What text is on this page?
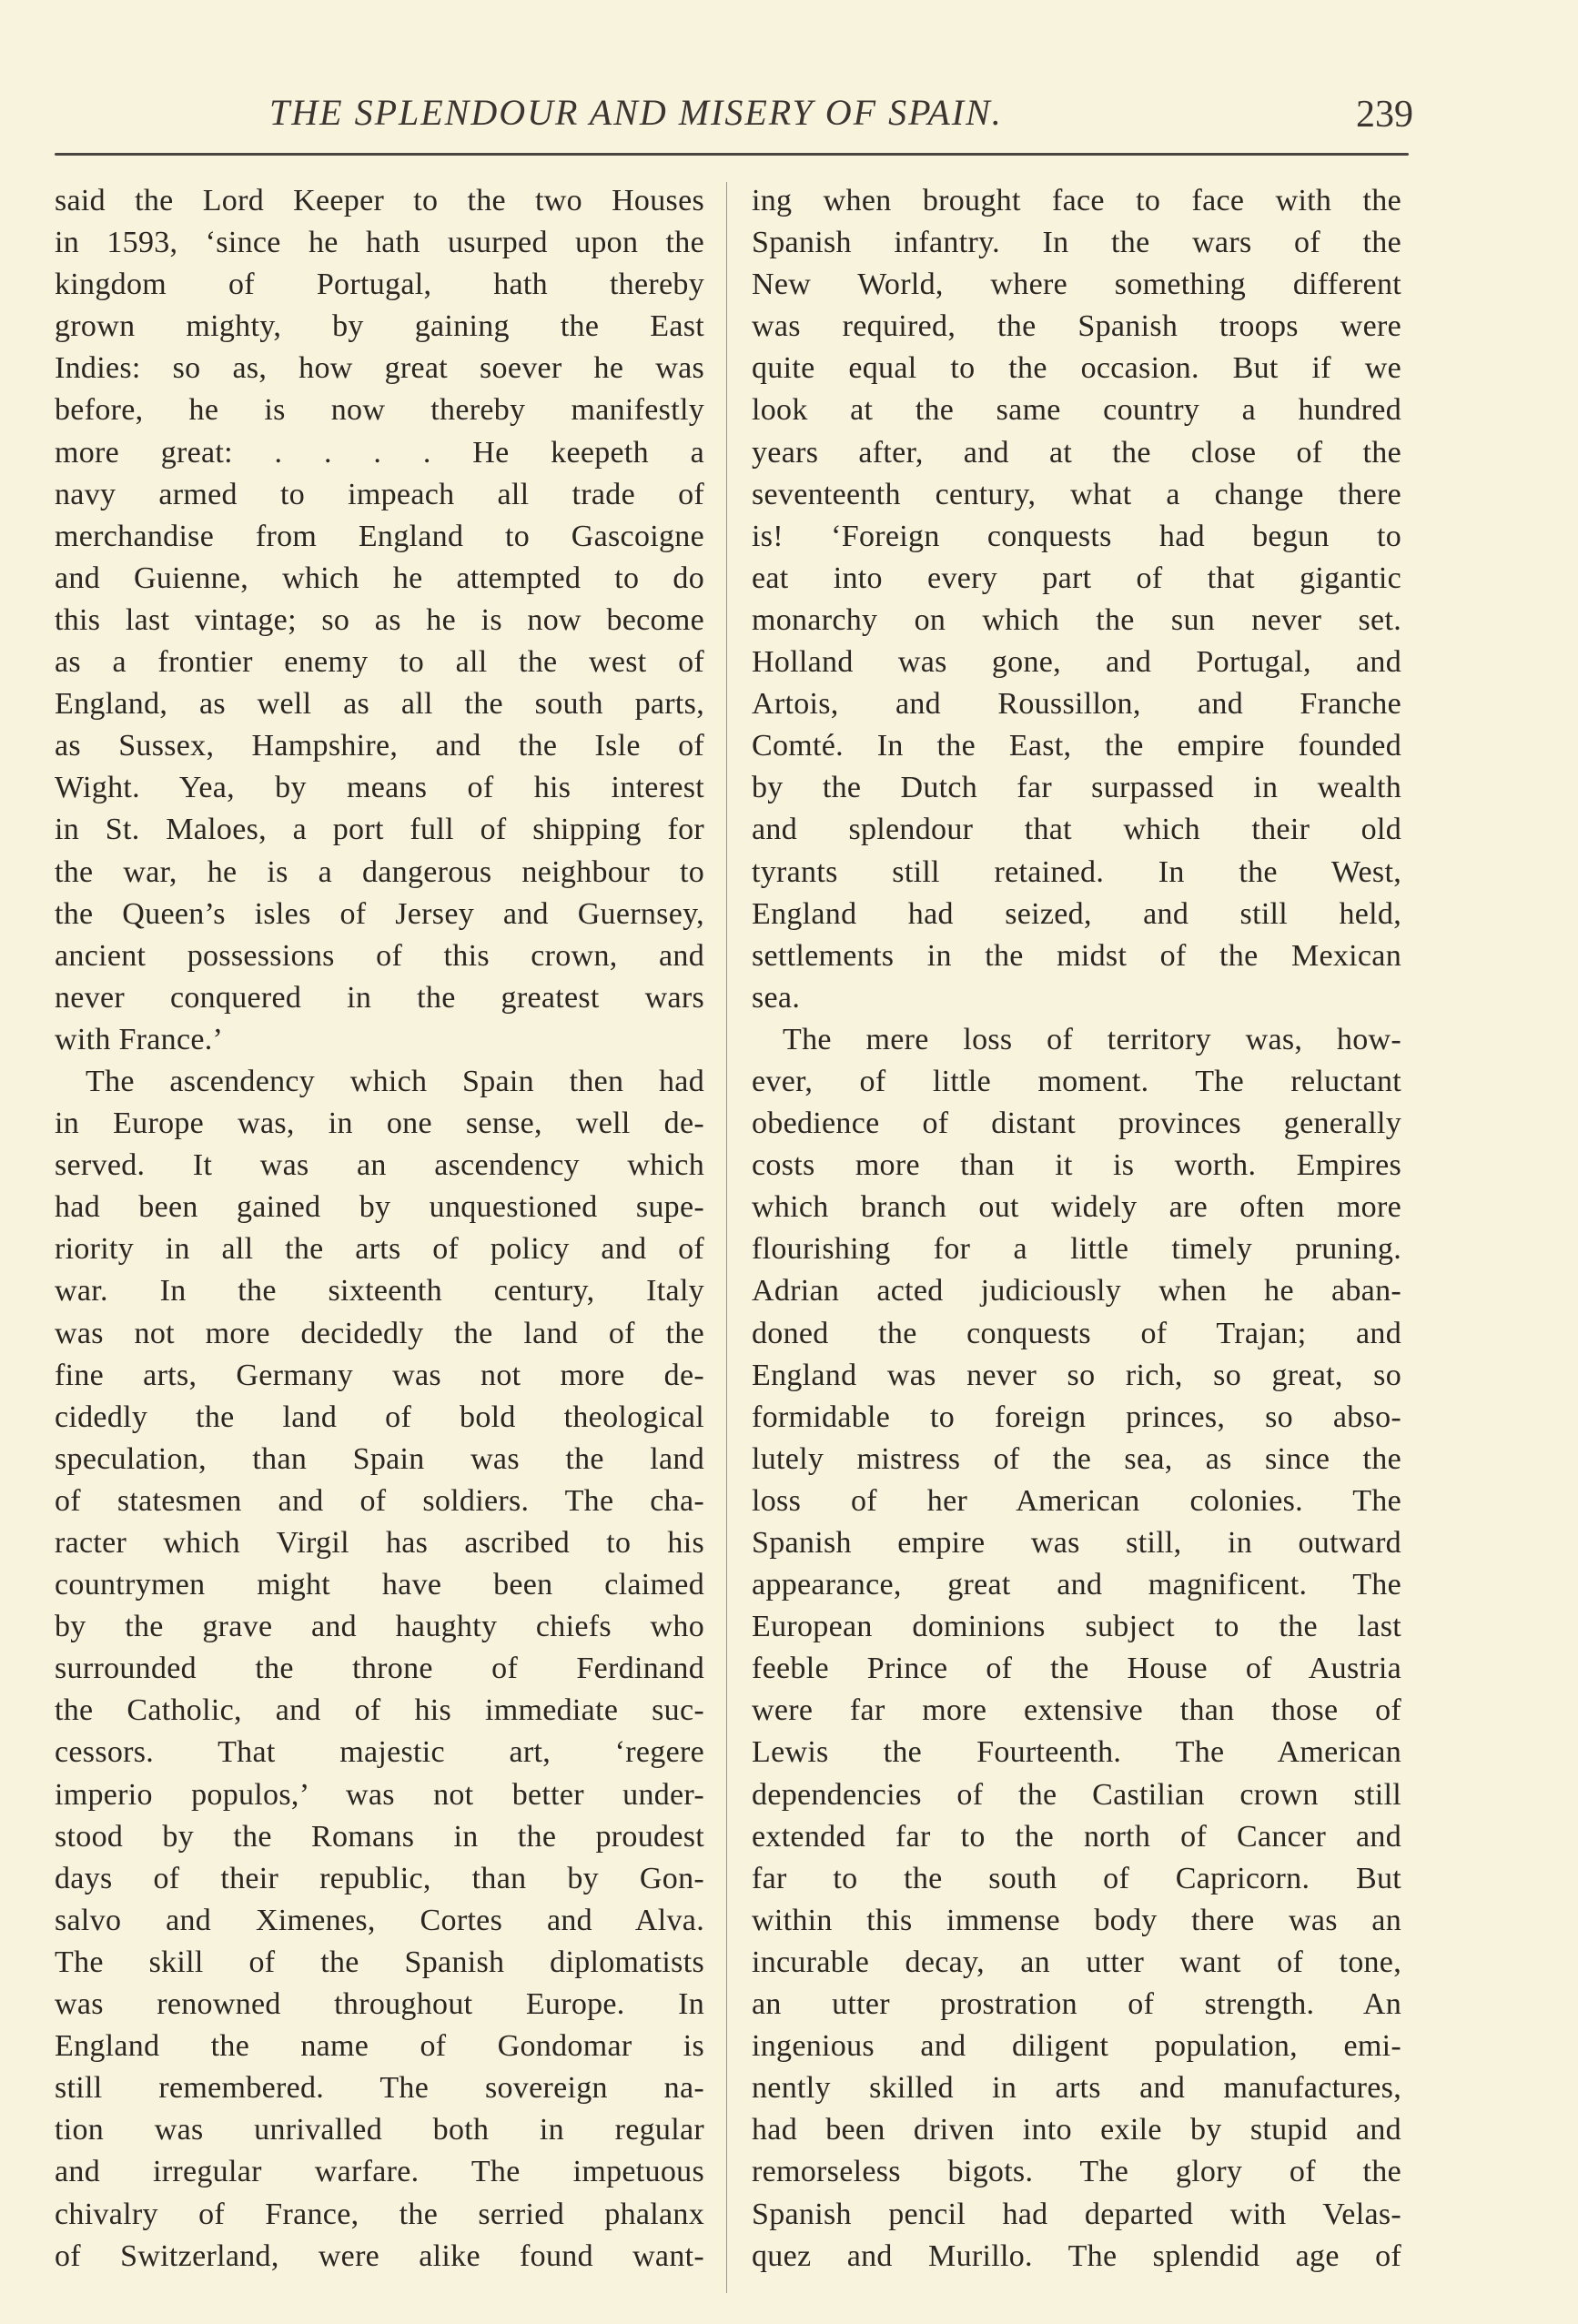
THE SPLENDOUR AND MISERY OF SPAIN.	239
said the Lord Keeper to the two Houses
in 1593, ‘since he hath usurped upon the
kingdom of Portugal, hath thereby
grown mighty, by gaining the East
Indies: so as, how great soever he was
before, he is now thereby manifestly
more great: . . . . He keepeth a
navy armed to impeach all trade of
merchandise from England to Gascoigne
and Guienne, which he attempted to do
this last vintage; so as he is now become
as a frontier enemy to all the west of
England, as well as all the south parts,
as Sussex, Hampshire, and the Isle of
Wight. Yea, by means of his interest
in St. Maloes, a port full of shipping for
the war, he is a dangerous neighbour to
the Queen’s isles of Jersey and Guernsey,
ancient possessions of this crown, and
never conquered in the greatest wars
with France.’
The ascendency which Spain then had
in Europe was, in one sense, well de-
served. It was an ascendency which
had been gained by unquestioned supe-
riority in all the arts of policy and of
war. In the sixteenth century, Italy
was not more decidedly the land of the
fine arts, Germany was not more de-
cidedly the land of bold theological
speculation, than Spain was the land
of statesmen and of soldiers. The cha-
racter which Virgil has ascribed to his
countrymen might have been claimed
by the grave and haughty chiefs who
surrounded the throne of Ferdinand
the Catholic, and of his immediate suc-
cessors. That majestic art, ‘regere
imperio populos,’ was not better under-
stood by the Romans in the proudest
days of their republic, than by Gon-
salvo and Ximenes, Cortes and Alva.
The skill of the Spanish diplomatists
was renowned throughout Europe. In
England the name of Gondomar is
still remembered. The sovereign na-
tion was unrivalled both in regular
and irregular warfare. The impetuous
chivalry of France, the serried phalanx
of Switzerland, were alike found want-
ing when brought face to face with the
Spanish infantry. In the wars of the
New World, where something different
was required, the Spanish troops were
quite equal to the occasion. But if we
look at the same country a hundred
years after, and at the close of the
seventeenth century, what a change there
is! ‘Foreign conquests had begun to
eat into every part of that gigantic
monarchy on which the sun never set.
Holland was gone, and Portugal, and
Artois, and Roussillon, and Franche
Comté. In the East, the empire founded
by the Dutch far surpassed in wealth
and splendour that which their old
tyrants still retained. In the West,
England had seized, and still held,
settlements in the midst of the Mexican
sea.
The mere loss of territory was, how-
ever, of little moment. The reluctant
obedience of distant provinces generally
costs more than it is worth. Empires
which branch out widely are often more
flourishing for a little timely pruning.
Adrian acted judiciously when he aban-
doned the conquests of Trajan; and
England was never so rich, so great, so
formidable to foreign princes, so abso-
lutely mistress of the sea, as since the
loss of her American colonies. The
Spanish empire was still, in outward
appearance, great and magnificent. The
European dominions subject to the last
feeble Prince of the House of Austria
were far more extensive than those of
Lewis the Fourteenth. The American
dependencies of the Castilian crown still
extended far to the north of Cancer and
far to the south of Capricorn. But
within this immense body there was an
incurable decay, an utter want of tone,
an utter prostration of strength. An
ingenious and diligent population, emi-
nently skilled in arts and manufactures,
had been driven into exile by stupid and
remorseless bigots. The glory of the
Spanish pencil had departed with Velas-
quez and Murillo. The splendid age of
